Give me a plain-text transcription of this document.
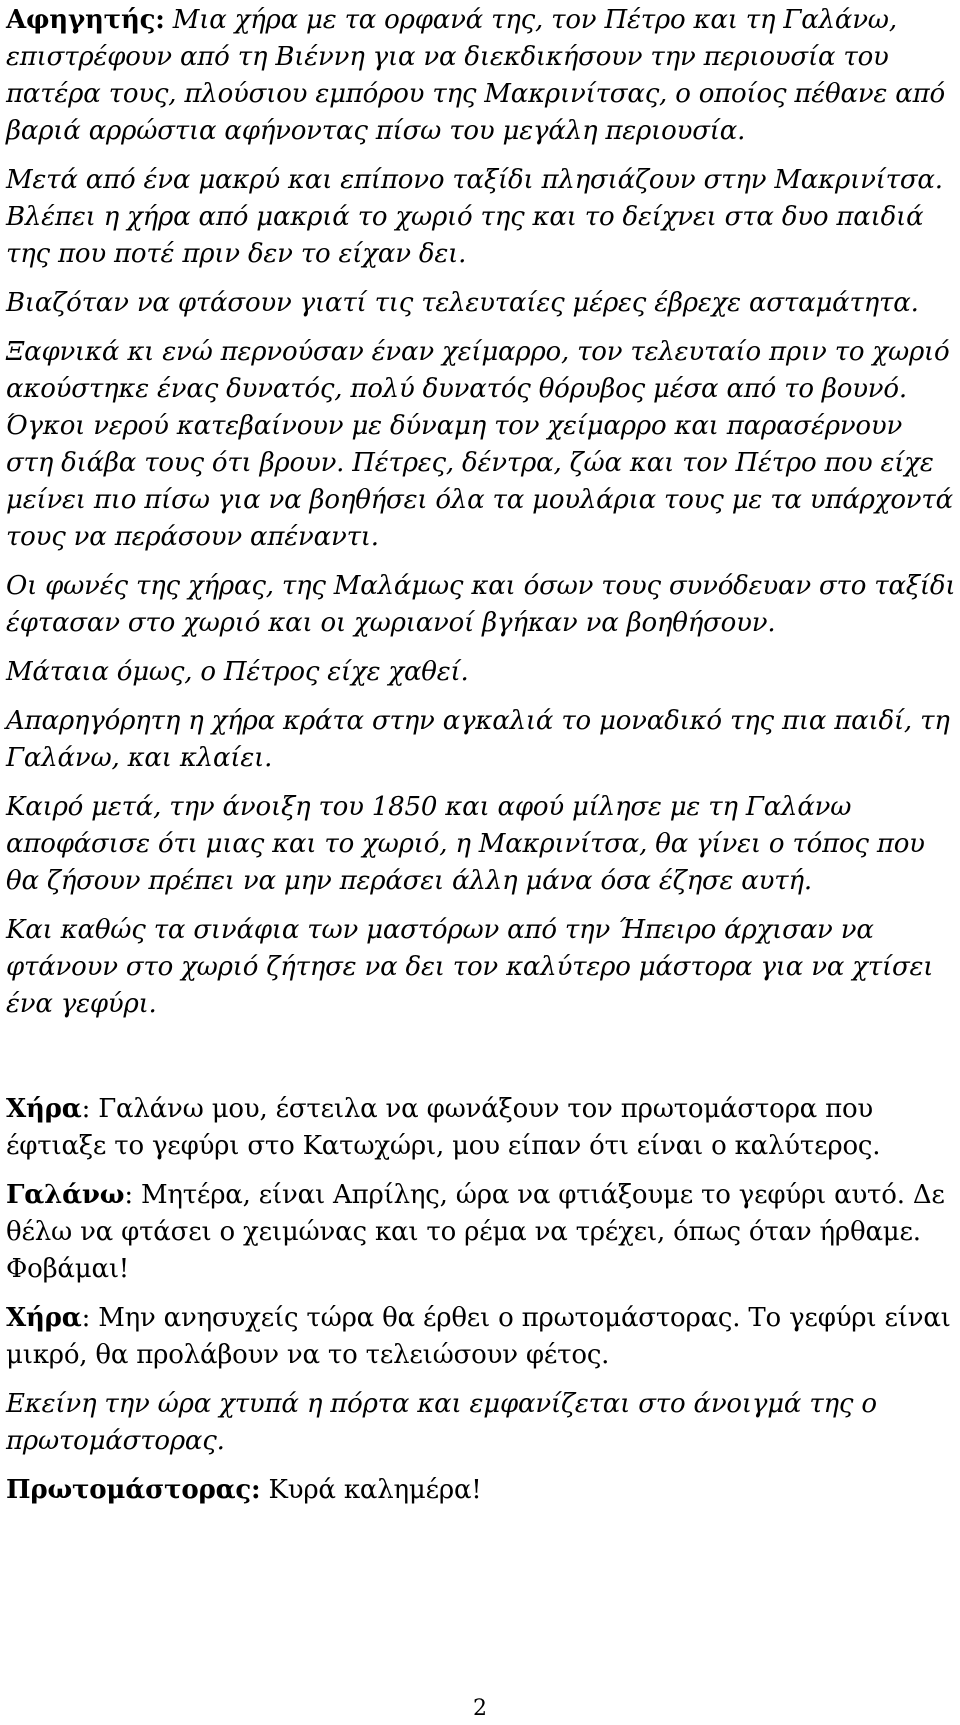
Αφηγητής: Μια χήρα με τα ορφανά της, τον Πέτρο και τη Γαλάνω, επιστρέφουν από τη Βιέννη για να διεκδικήσουν την περιουσία του πατέρα τους, πλούσιου εμπόρου της Μακρινίτσας, ο οποίος πέθανε από βαριά αρρώστια αφήνοντας πίσω του μεγάλη περιουσία.

Μετά από ένα μακρύ και επίπονο ταξίδι πλησιάζουν στην Μακρινίτσα. Βλέπει η χήρα από μακριά το χωριό της και το δείχνει στα δυο παιδιά της που ποτέ πριν δεν το είχαν δει.

Βιαζόταν να φτάσουν γιατί τις τελευταίες μέρες έβρεχε ασταμάτητα.

Ξαφνικά κι ενώ περνούσαν έναν χείμαρρο, τον τελευταίο πριν το χωριό ακούστηκε ένας δυνατός, πολύ δυνατός θόρυβος μέσα από το βουνό. Όγκοι νερού κατεβαίνουν με δύναμη τον χείμαρρο και παρασέρνουν στη διάβα τους ότι βρουν. Πέτρες, δέντρα, ζώα και τον Πέτρο που είχε μείνει πιο πίσω για να βοηθήσει όλα τα μουλάρια τους με τα υπάρχοντά τους να περάσουν απέναντι.

Οι φωνές της χήρας, της Μαλάμως και όσων τους συνόδευαν στο ταξίδι έφτασαν στο χωριό και οι χωριανοί βγήκαν να βοηθήσουν.

Μάταια όμως, ο Πέτρος είχε χαθεί.

Απαρηγόρητη η χήρα κράτα στην αγκαλιά το μοναδικό της πια παιδί, τη Γαλάνω, και κλαίει.

Καιρό μετά, την άνοιξη του 1850 και αφού μίλησε με τη Γαλάνω αποφάσισε ότι μιας και το χωριό, η Μακρινίτσα, θα γίνει ο τόπος που θα ζήσουν πρέπει να μην περάσει άλλη μάνα όσα έζησε αυτή.

Και καθώς τα σινάφια των μαστόρων από την Ήπειρο άρχισαν να φτάνουν στο χωριό ζήτησε να δει τον καλύτερο μάστορα για να χτίσει ένα γεφύρι.

Χήρα: Γαλάνω μου, έστειλα να φωνάξουν τον πρωτομάστορα που έφτιαξε το γεφύρι στο Κατωχώρι, μου είπαν ότι είναι ο καλύτερος.

Γαλάνω: Μητέρα, είναι Απρίλης, ώρα να φτιάξουμε το γεφύρι αυτό. Δε θέλω να φτάσει ο χειμώνας και το ρέμα να τρέχει, όπως όταν ήρθαμε. Φοβάμαι!

Χήρα: Μην ανησυχείς τώρα θα έρθει ο πρωτομάστορας. Το γεφύρι είναι μικρό, θα προλάβουν να το τελειώσουν φέτος.

Εκείνη την ώρα χτυπά η πόρτα και εμφανίζεται στο άνοιγμά της ο πρωτομάστορας.

Πρωτομάστορας: Κυρά καλημέρα!

2
